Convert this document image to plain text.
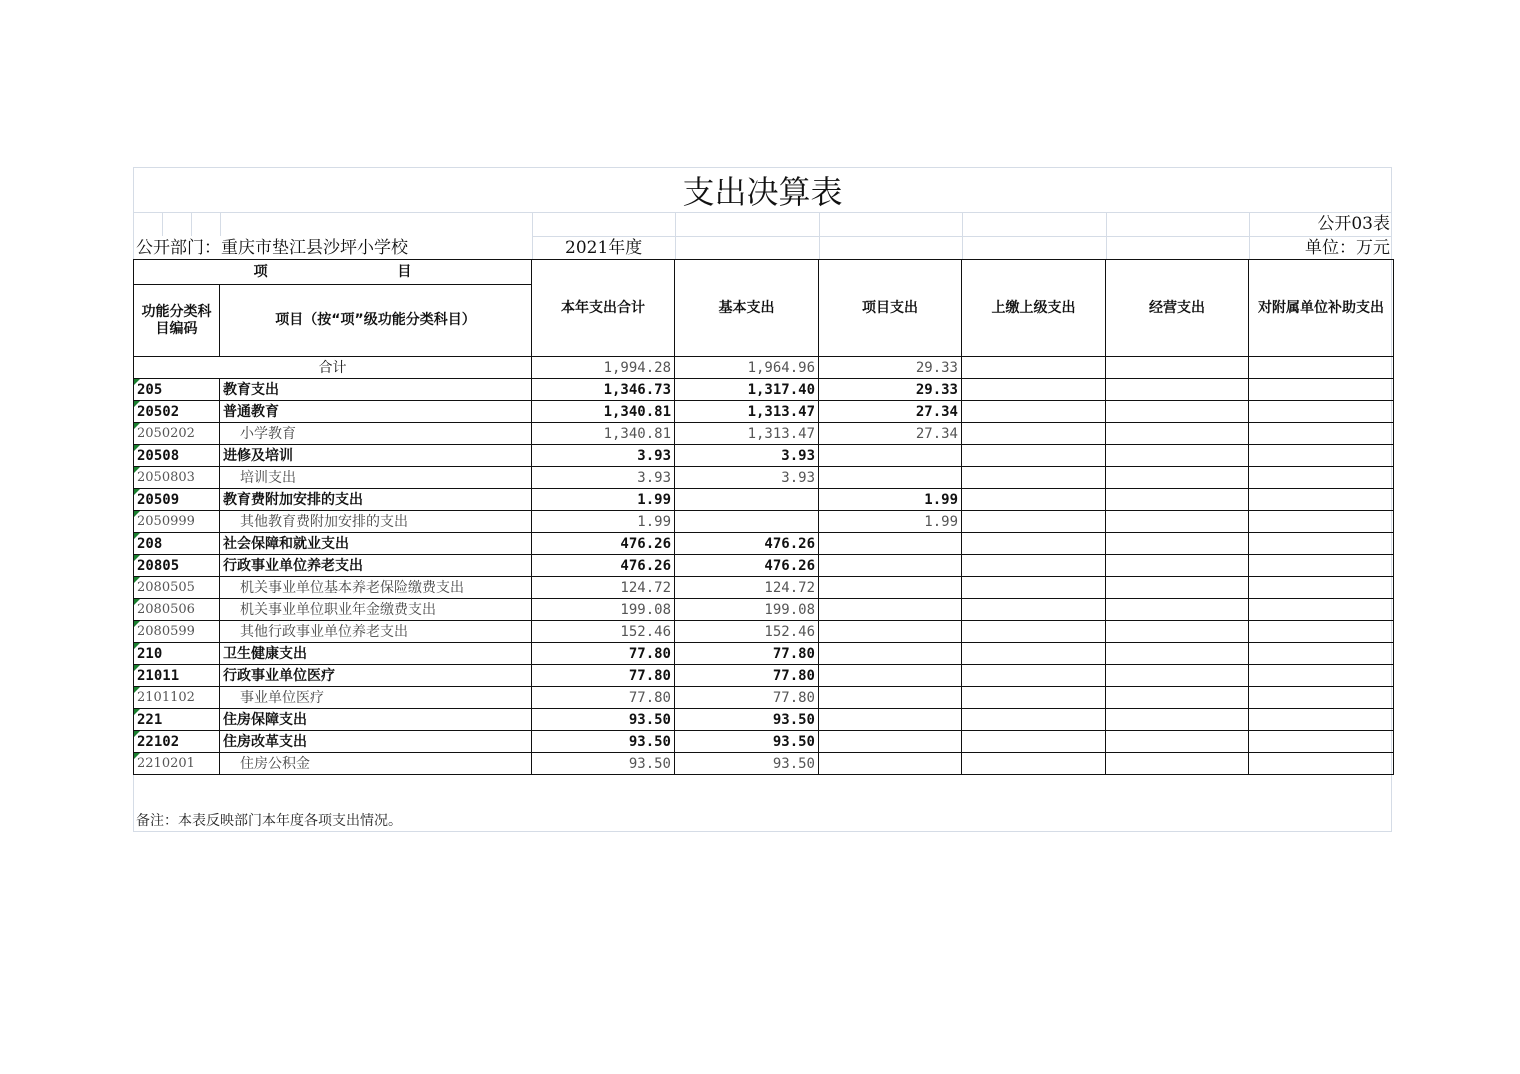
支出决算表
公开03表
公开部门：重庆市垫江县沙坪小学校	2021年度	单位：万元
项 目		本年支出合计	基本支出	项目支出	上缴上级支出	经营支出	对附属单位补助支出
功能分类科目编码	项目（按“项”级功能分类科目）						
合计		1,994.28	1,964.96	29.33			
205	教育支出	1,346.73	1,317.40	29.33			
20502	普通教育	1,340.81	1,313.47	27.34			
2050202	小学教育	1,340.81	1,313.47	27.34			
20508	进修及培训	3.93	3.93				
2050803	培训支出	3.93	3.93				
20509	教育费附加安排的支出	1.99		1.99			
2050999	其他教育费附加安排的支出	1.99		1.99			
208	社会保障和就业支出	476.26	476.26				
20805	行政事业单位养老支出	476.26	476.26				
2080505	机关事业单位基本养老保险缴费支出	124.72	124.72				
2080506	机关事业单位职业年金缴费支出	199.08	199.08				
2080599	其他行政事业单位养老支出	152.46	152.46				
210	卫生健康支出	77.80	77.80				
21011	行政事业单位医疗	77.80	77.80				
2101102	事业单位医疗	77.80	77.80				
221	住房保障支出	93.50	93.50				
22102	住房改革支出	93.50	93.50				
2210201	住房公积金	93.50	93.50				
备注：本表反映部门本年度各项支出情况。
